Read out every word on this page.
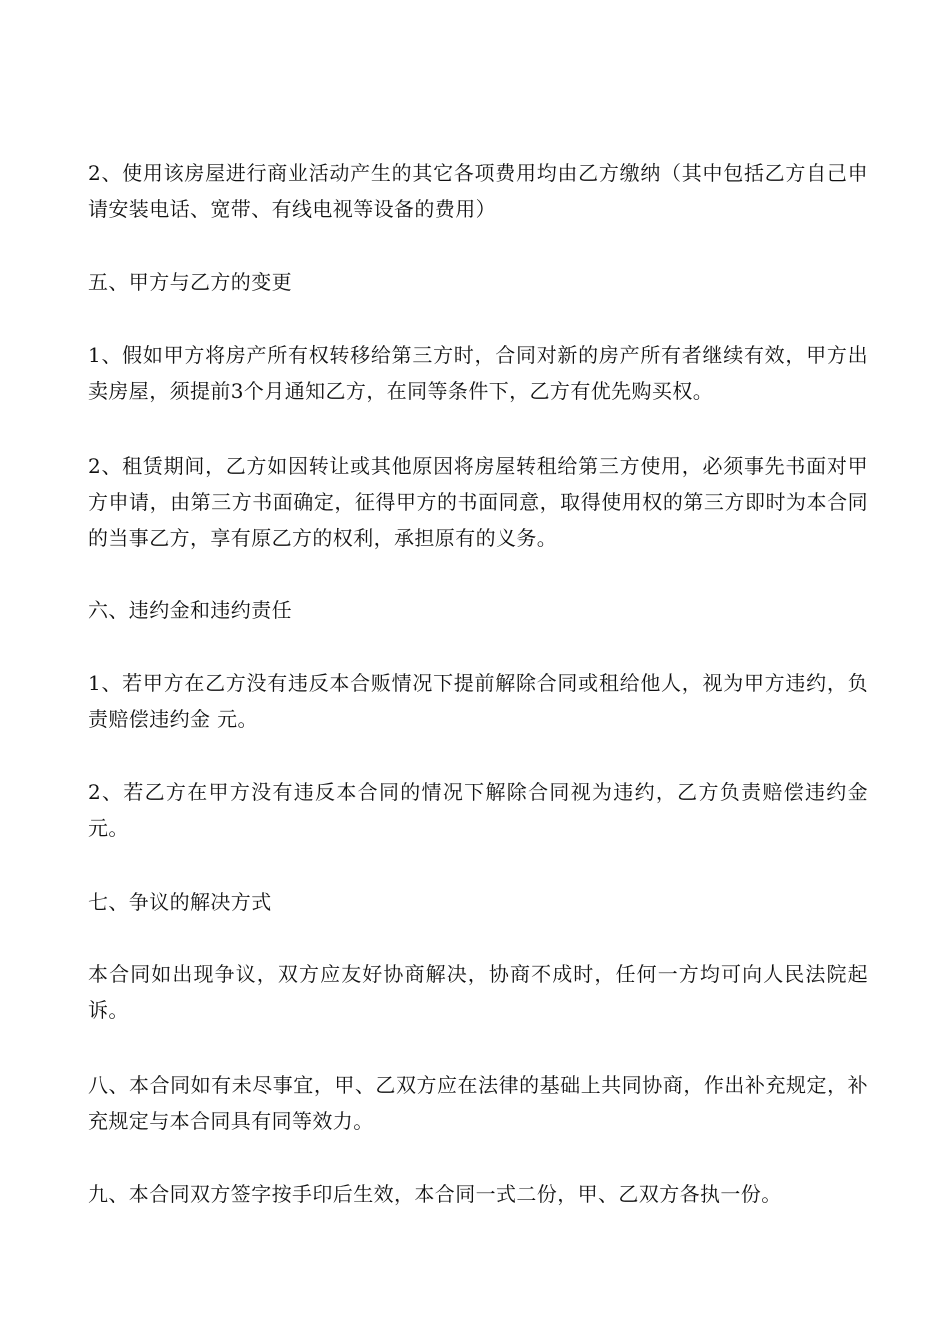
2、使用该房屋进行商业活动产生的其它各项费用均由乙方缴纳（其中包括乙方自己申请安装电话、宽带、有线电视等设备的费用）

五、甲方与乙方的变更

1、假如甲方将房产所有权转移给第三方时，合同对新的房产所有者继续有效，甲方出卖房屋，须提前3个月通知乙方，在同等条件下，乙方有优先购买权。

2、租赁期间，乙方如因转让或其他原因将房屋转租给第三方使用，必须事先书面对甲方申请，由第三方书面确定，征得甲方的书面同意，取得使用权的第三方即时为本合同的当事乙方，享有原乙方的权利，承担原有的义务。

六、违约金和违约责任

1、若甲方在乙方没有违反本合贩情况下提前解除合同或租给他人，视为甲方违约，负责赔偿违约金 元。

2、若乙方在甲方没有违反本合同的情况下解除合同视为违约，乙方负责赔偿违约金 元。

七、争议的解决方式

本合同如出现争议，双方应友好协商解决，协商不成时，任何一方均可向人民法院起诉。

八、本合同如有未尽事宜，甲、乙双方应在法律的基础上共同协商，作出补充规定，补充规定与本合同具有同等效力。

九、本合同双方签字按手印后生效，本合同一式二份，甲、乙双方各执一份。
